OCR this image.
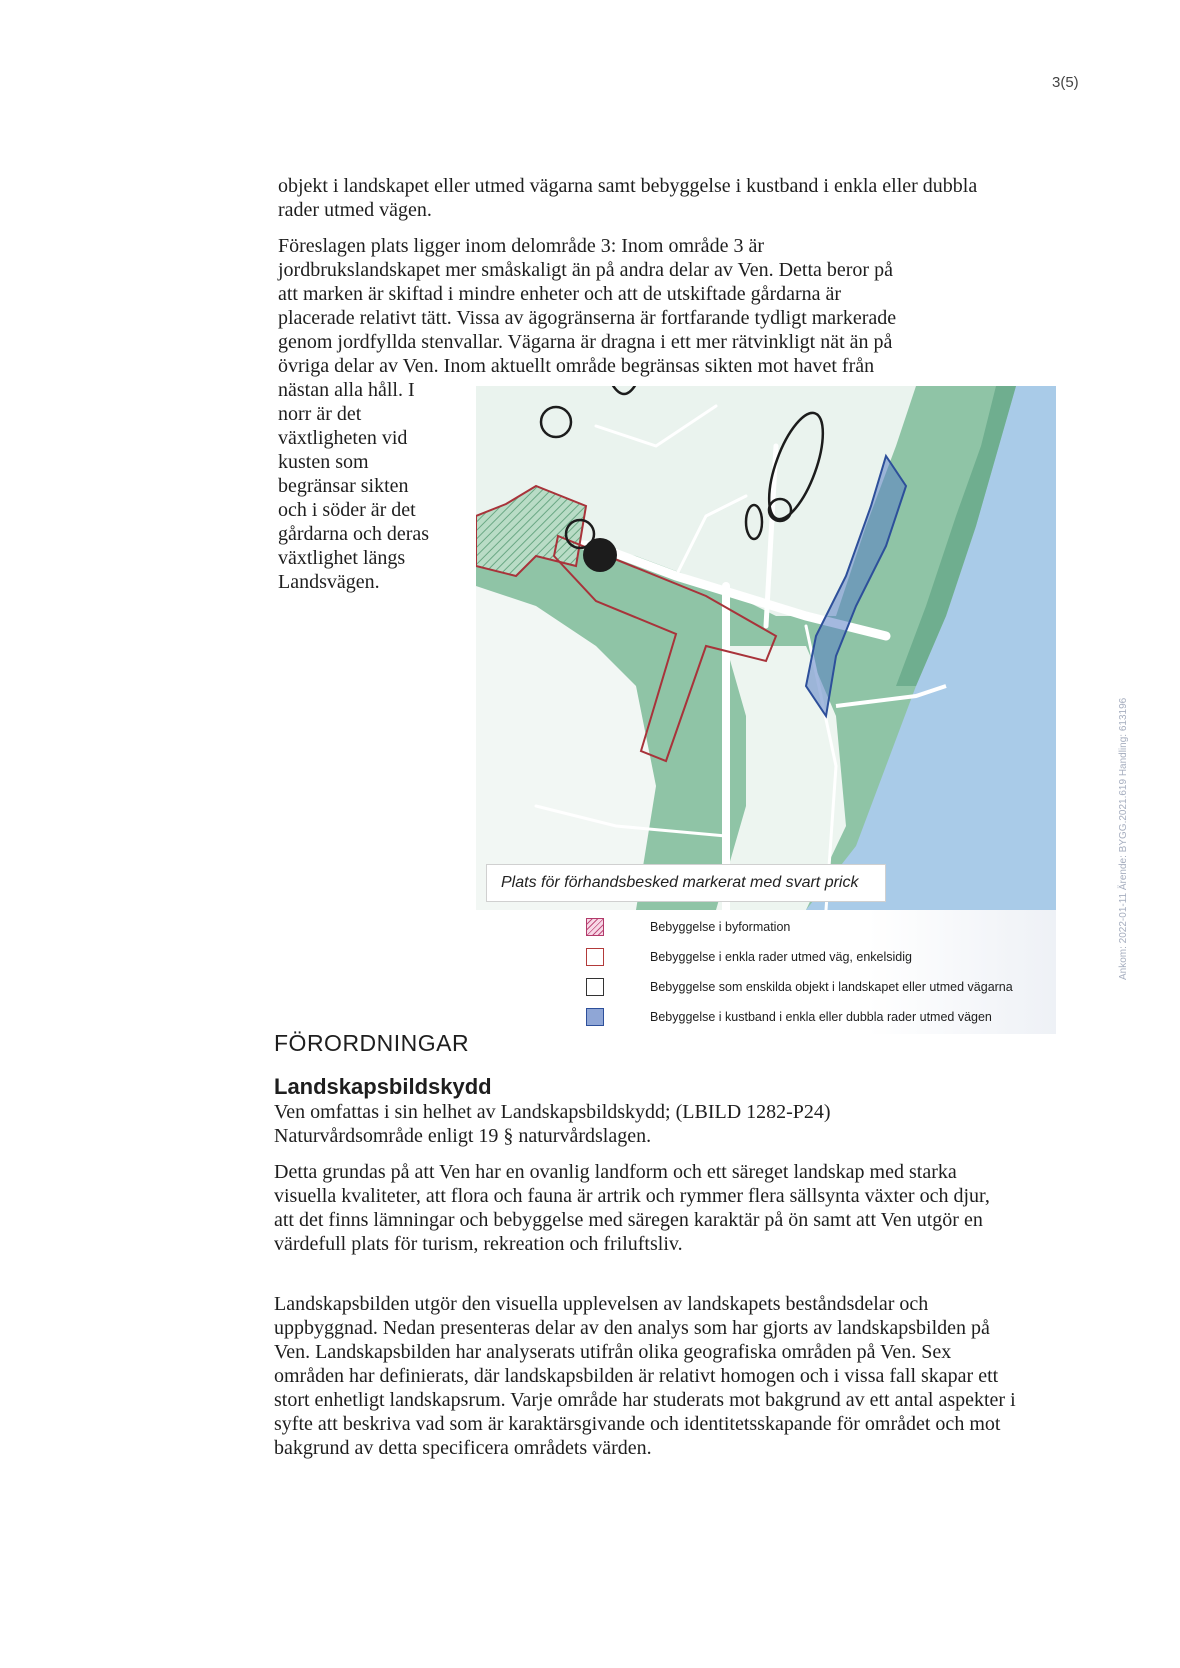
3(5)

objekt i landskapet eller utmed vägarna samt bebyggelse i kustband i enkla eller dubbla rader utmed vägen.

Föreslagen plats ligger inom delområde 3: Inom område 3 är
jordbrukslandskapet mer småskaligt än på andra delar av Ven. Detta beror på
att marken är skiftad i mindre enheter och att de utskiftade gårdarna är
placerade relativt tätt. Vissa av ägogränserna är fortfarande tydligt markerade
genom jordfyllda stenvallar. Vägarna är dragna i ett mer rätvinkligt nät än på
övriga delar av Ven. Inom aktuellt område begränsas sikten mot havet från
nästan alla håll. I
norr är det
växtligheten vid
kusten som
begränsar sikten
och i söder är det
gårdarna och deras
växtlighet längs
Landsvägen.
Plats för förhandsbesked markerat med svart prick
Bebyggelse i byformation
Bebyggelse i enkla rader utmed väg, enkelsidig
Bebyggelse som enskilda objekt i landskapet eller utmed vägarna
Bebyggelse i kustband i enkla eller dubbla rader utmed vägen
FÖRORDNINGAR
Landskapsbildskydd

Ven omfattas i sin helhet av Landskapsbildskydd; (LBILD 1282-P24) Naturvårdsområde enligt 19 § naturvårdslagen.

Detta grundas på att Ven har en ovanlig landform och ett säreget landskap med starka visuella kvaliteter, att flora och fauna är artrik och rymmer flera sällsynta växter och djur, att det finns lämningar och bebyggelse med säregen karaktär på ön samt att Ven utgör en värdefull plats för turism, rekreation och friluftsliv.

Landskapsbilden utgör den visuella upplevelsen av landskapets beståndsdelar och uppbyggnad. Nedan presenteras delar av den analys som har gjorts av landskapsbilden på Ven. Landskapsbilden har analyserats utifrån olika geografiska områden på Ven. Sex områden har definierats, där landskapsbilden är relativt homogen och i vissa fall skapar ett stort enhetligt landskapsrum. Varje område har studerats mot bakgrund av ett antal aspekter i syfte att beskriva vad som är karaktärsgivande och identitetsskapande för området och mot bakgrund av detta specificera områdets värden.

Ankom: 2022-01-11 Ärende: BYGG.2021.619 Handling: 613196
